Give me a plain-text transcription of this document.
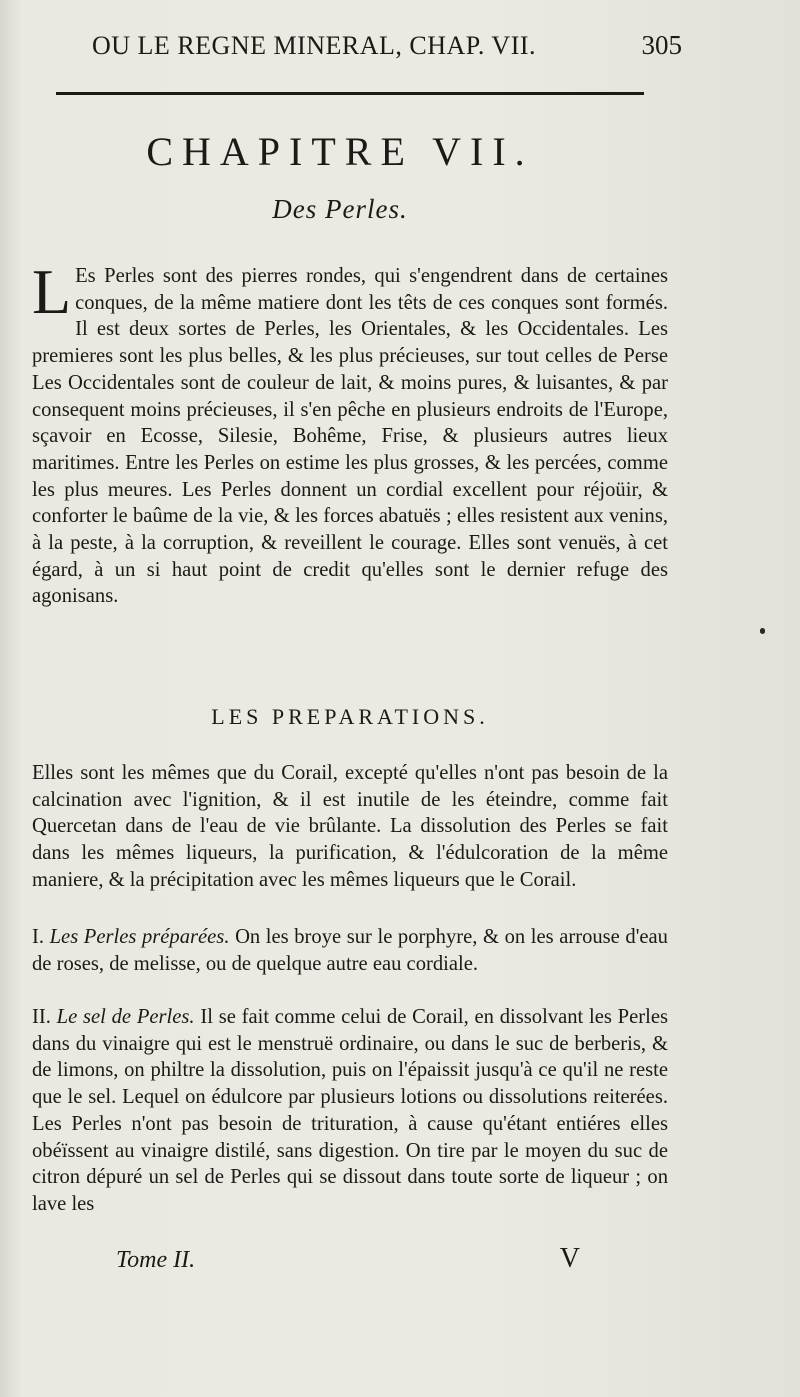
OU LE REGNE MINERAL, CHAP. VII.	305
CHAPITRE VII.
Des Perles.

L Es Perles sont des pierres rondes, qui s'engendrent dans de certaines conques, de la même matiere dont les têts de ces conques sont formés. Il est deux sortes de Perles, les Orientales, & les Occidentales. Les premieres sont les plus belles, & les plus précieuses, sur tout celles de Perse Les Occidentales sont de couleur de lait, & moins pures, & luisantes, & par consequent moins précieuses, il s'en pêche en plusieurs endroits de l'Europe, sçavoir en Ecosse, Silesie, Bohême, Frise, & plusieurs autres lieux maritimes. Entre les Perles on estime les plus grosses, & les percées, comme les plus meures. Les Perles donnent un cordial excellent pour réjoüir, & conforter le baûme de la vie, & les forces abatuës ; elles resistent aux venins, à la peste, à la corruption, & reveillent le courage. Elles sont venuës, à cet égard, à un si haut point de credit qu'elles sont le dernier refuge des agonisans.

LES PREPARATIONS.

Elles sont les mêmes que du Corail, excepté qu'elles n'ont pas besoin de la calcination avec l'ignition, & il est inutile de les éteindre, comme fait Quercetan dans de l'eau de vie brûlante. La dissolution des Perles se fait dans les mêmes liqueurs, la purification, & l'édulcoration de la même maniere, & la précipitation avec les mêmes liqueurs que le Corail.

I. Les Perles préparées. On les broye sur le porphyre, & on les arrouse d'eau de roses, de melisse, ou de quelque autre eau cordiale.

II. Le sel de Perles. Il se fait comme celui de Corail, en dissolvant les Perles dans du vinaigre qui est le menstruë ordinaire, ou dans le suc de berberis, & de limons, on philtre la dissolution, puis on l'épaissit jusqu'à ce qu'il ne reste que le sel. Lequel on édulcore par plusieurs lotions ou dissolutions reiterées. Les Perles n'ont pas besoin de trituration, à cause qu'étant entiéres elles obéïssent au vinaigre distilé, sans digestion. On tire par le moyen du suc de citron dépuré un sel de Perles qui se dissout dans toute sorte de liqueur ; on lave les

Tome II.	V
